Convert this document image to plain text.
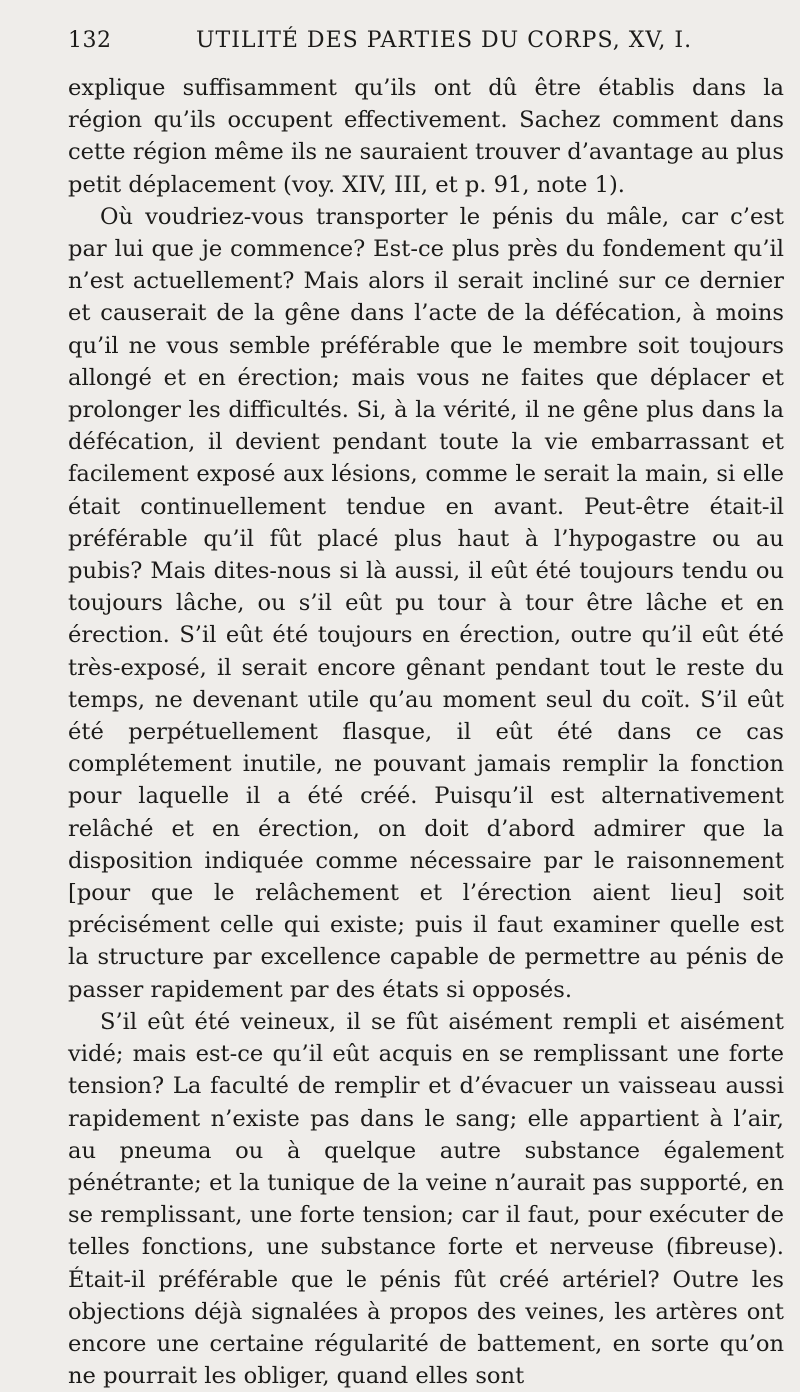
132	UTILITÉ DES PARTIES DU CORPS, XV, I.

explique suffisamment qu’ils ont dû être établis dans la région qu’ils occupent effectivement. Sachez comment dans cette région même ils ne sauraient trouver d’avantage au plus petit déplacement (voy. XIV, III, et p. 91, note 1).

Où voudriez-vous transporter le pénis du mâle, car c’est par lui que je commence? Est-ce plus près du fondement qu’il n’est actuellement? Mais alors il serait incliné sur ce dernier et causerait de la gêne dans l’acte de la défécation, à moins qu’il ne vous semble préférable que le membre soit toujours allongé et en érection; mais vous ne faites que déplacer et prolonger les difficultés. Si, à la vérité, il ne gêne plus dans la défécation, il devient pendant toute la vie embarrassant et facilement exposé aux lésions, comme le serait la main, si elle était continuellement tendue en avant. Peut-être était-il préférable qu’il fût placé plus haut à l’hypogastre ou au pubis? Mais dites-nous si là aussi, il eût été toujours tendu ou toujours lâche, ou s’il eût pu tour à tour être lâche et en érection. S’il eût été toujours en érection, outre qu’il eût été très-exposé, il serait encore gênant pendant tout le reste du temps, ne devenant utile qu’au moment seul du coït. S’il eût été perpétuellement flasque, il eût été dans ce cas complétement inutile, ne pouvant jamais remplir la fonction pour laquelle il a été créé. Puisqu’il est alternativement relâché et en érection, on doit d’abord admirer que la disposition indiquée comme nécessaire par le raisonnement [pour que le relâchement et l’érection aient lieu] soit précisément celle qui existe; puis il faut examiner quelle est la structure par excellence capable de permettre au pénis de passer rapidement par des états si opposés.

S’il eût été veineux, il se fût aisément rempli et aisément vidé; mais est-ce qu’il eût acquis en se remplissant une forte tension? La faculté de remplir et d’évacuer un vaisseau aussi rapidement n’existe pas dans le sang; elle appartient à l’air, au pneuma ou à quelque autre substance également pénétrante; et la tunique de la veine n’aurait pas supporté, en se remplissant, une forte tension; car il faut, pour exécuter de telles fonctions, une substance forte et nerveuse (fibreuse). Était-il préférable que le pénis fût créé artériel? Outre les objections déjà signalées à propos des veines, les artères ont encore une certaine régularité de battement, en sorte qu’on ne pourrait les obliger, quand elles sont
